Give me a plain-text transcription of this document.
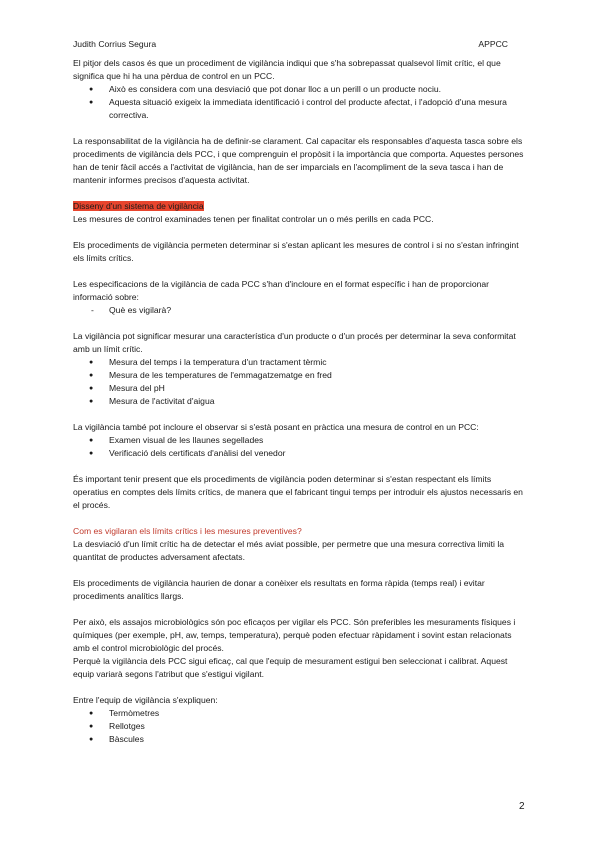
Judith Corrius Segura	APPCC

El pitjor dels casos és que un procediment de vigilància indiqui que s'ha sobrepassat qualsevol límit crític, el que significa que hi ha una pèrdua de control en un PCC.

● Això es considera com una desviació que pot donar lloc a un perill o un producte nociu.
● Aquesta situació exigeix la immediata identificació i control del producte afectat, i l'adopció d'una mesura correctiva.

La responsabilitat de la vigilància ha de definir-se clarament. Cal capacitar els responsables d'aquesta tasca sobre els procediments de vigilància dels PCC, i que comprenguin el propòsit i la importància que comporta. Aquestes persones han de tenir fàcil accés a l'activitat de vigilància, han de ser imparcials en l'acompliment de la seva tasca i han de mantenir informes precisos d'aquesta activitat.

Disseny d'un sistema de vigilància

Les mesures de control examinades tenen per finalitat controlar un o més perills en cada PCC.

Els procediments de vigilància permeten determinar si s'estan aplicant les mesures de control i si no s'estan infringint els límits crítics.

Les especificacions de la vigilància de cada PCC s'han d'incloure en el format específic i han de proporcionar informació sobre:

- Què es vigilarà?

La vigilància pot significar mesurar una característica d'un producte o d'un procés per determinar la seva conformitat amb un límit crític.

● Mesura del temps i la temperatura d'un tractament tèrmic
● Mesura de les temperatures de l'emmagatzematge en fred
● Mesura del pH
● Mesura de l'activitat d'aigua

La vigilància també pot incloure el observar si s'està posant en pràctica una mesura de control en un PCC:

● Examen visual de les llaunes segellades
● Verificació dels certificats d'anàlisi del venedor

És important tenir present que els procediments de vigilància poden determinar si s'estan respectant els límits operatius en comptes dels límits crítics, de manera que el fabricant tingui temps per introduir els ajustos necessaris en el procés.

Com es vigilaran els límits crítics i les mesures preventives?

La desviació d'un límit crític ha de detectar el més aviat possible, per permetre que una mesura correctiva limiti la quantitat de productes adversament afectats.

Els procediments de vigilància haurien de donar a conèixer els resultats en forma ràpida (temps real) i evitar procediments analítics llargs.

Per això, els assajos microbiològics són poc eficaços per vigilar els PCC. Són preferibles les mesuraments físiques i químiques (per exemple, pH, aw, temps, temperatura), perquè poden efectuar ràpidament i sovint estan relacionats amb el control microbiològic del procés.

Perquè la vigilància dels PCC sigui eficaç, cal que l'equip de mesurament estigui ben seleccionat i calibrat. Aquest equip variarà segons l'atribut que s'estigui vigilant.

Entre l'equip de vigilància s'expliquen:

● Termòmetres
● Rellotges
● Bàscules
2
